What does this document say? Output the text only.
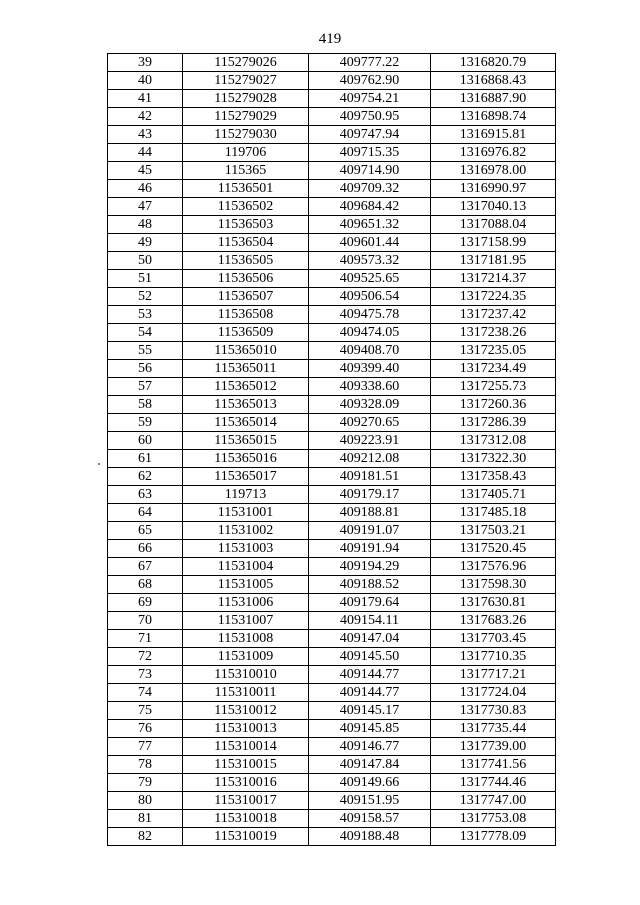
419
39	115279026	409777.22	1316820.79
40	115279027	409762.90	1316868.43
41	115279028	409754.21	1316887.90
42	115279029	409750.95	1316898.74
43	115279030	409747.94	1316915.81
44	119706	409715.35	1316976.82
45	115365	409714.90	1316978.00
46	11536501	409709.32	1316990.97
47	11536502	409684.42	1317040.13
48	11536503	409651.32	1317088.04
49	11536504	409601.44	1317158.99
50	11536505	409573.32	1317181.95
51	11536506	409525.65	1317214.37
52	11536507	409506.54	1317224.35
53	11536508	409475.78	1317237.42
54	11536509	409474.05	1317238.26
55	115365010	409408.70	1317235.05
56	115365011	409399.40	1317234.49
57	115365012	409338.60	1317255.73
58	115365013	409328.09	1317260.36
59	115365014	409270.65	1317286.39
60	115365015	409223.91	1317312.08
61	115365016	409212.08	1317322.30
62	115365017	409181.51	1317358.43
63	119713	409179.17	1317405.71
64	11531001	409188.81	1317485.18
65	11531002	409191.07	1317503.21
66	11531003	409191.94	1317520.45
67	11531004	409194.29	1317576.96
68	11531005	409188.52	1317598.30
69	11531006	409179.64	1317630.81
70	11531007	409154.11	1317683.26
71	11531008	409147.04	1317703.45
72	11531009	409145.50	1317710.35
73	115310010	409144.77	1317717.21
74	115310011	409144.77	1317724.04
75	115310012	409145.17	1317730.83
76	115310013	409145.85	1317735.44
77	115310014	409146.77	1317739.00
78	115310015	409147.84	1317741.56
79	115310016	409149.66	1317744.46
80	115310017	409151.95	1317747.00
81	115310018	409158.57	1317753.08
82	115310019	409188.48	1317778.09
